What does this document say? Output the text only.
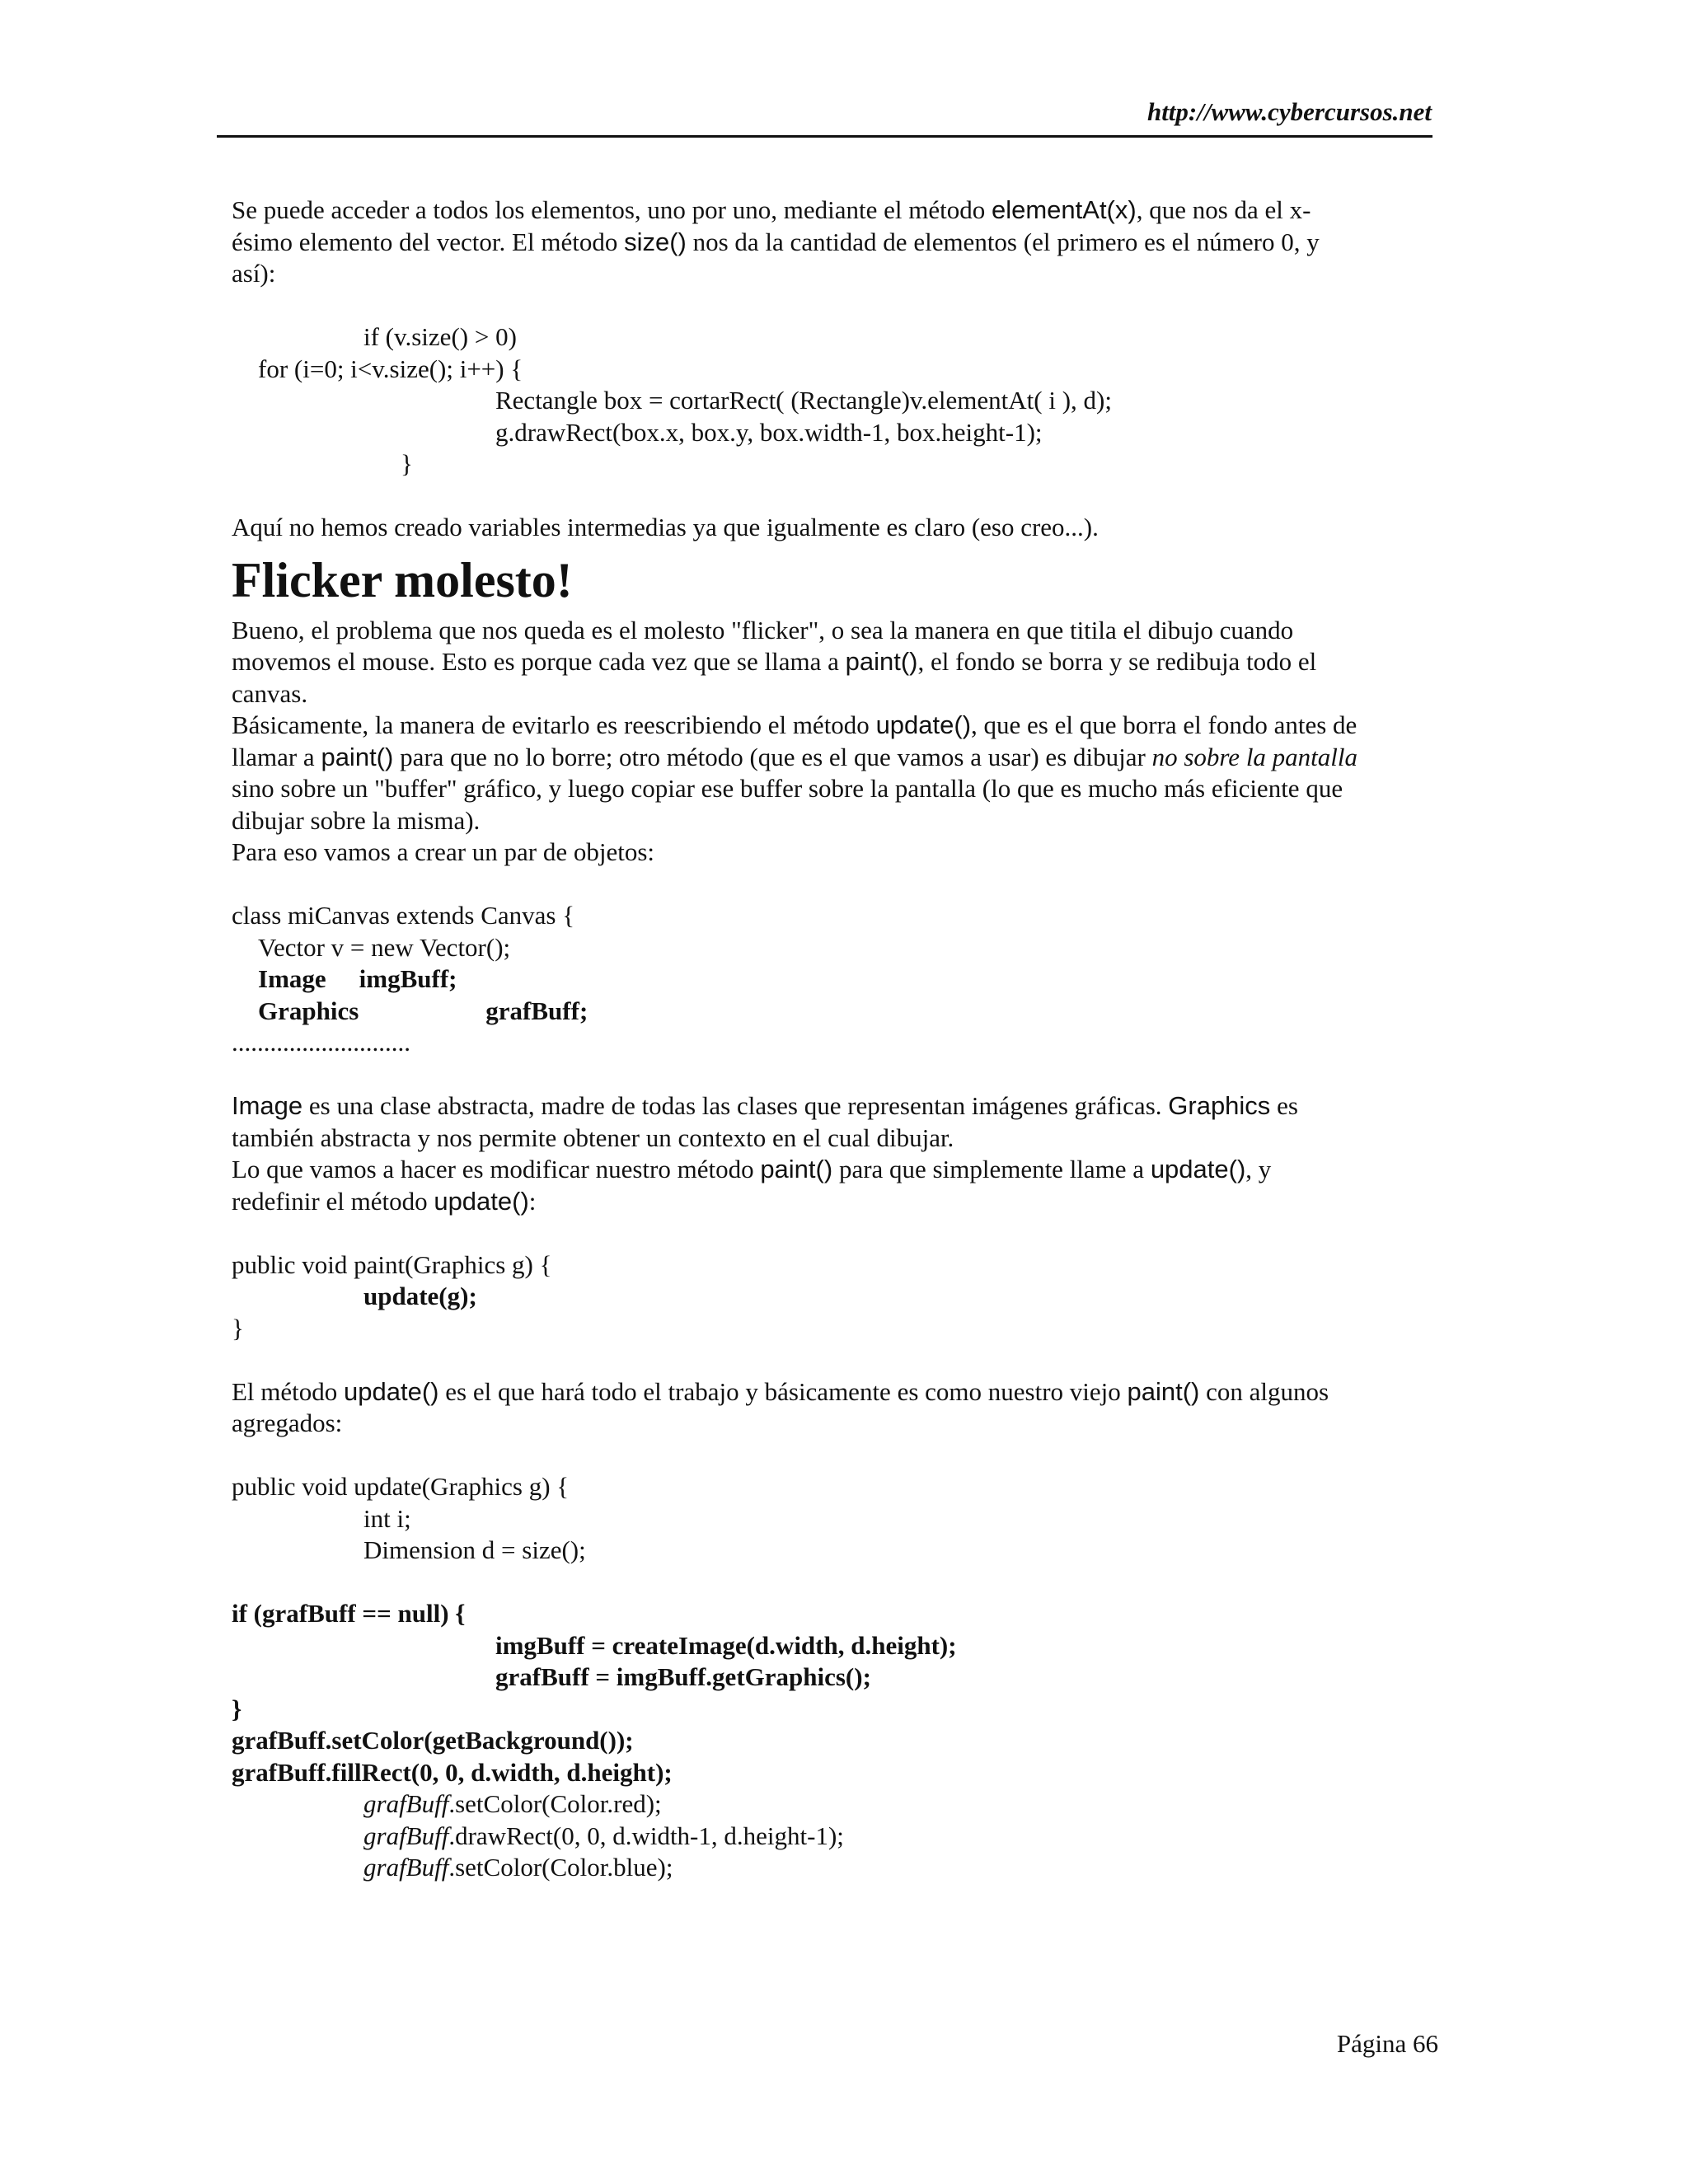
http://www.cybercursos.net

Se puede acceder a todos los elementos, uno por uno, mediante el método elementAt(x), que nos da el x-
ésimo elemento del vector. El método size() nos da la cantidad de elementos (el primero es el número 0, y
así):

if (v.size() > 0)
for (i=0; i<v.size(); i++) {
Rectangle box = cortarRect( (Rectangle)v.elementAt( i ), d);
g.drawRect(box.x, box.y, box.width-1, box.height-1);
}

Aquí no hemos creado variables intermedias ya que igualmente es claro (eso creo...).

Flicker molesto!

Bueno, el problema que nos queda es el molesto "flicker", o sea la manera en que titila el dibujo cuando
movemos el mouse. Esto es porque cada vez que se llama a paint(), el fondo se borra y se redibuja todo el
canvas.
Básicamente, la manera de evitarlo es reescribiendo el método update(), que es el que borra el fondo antes de
llamar a paint() para que no lo borre; otro método (que es el que vamos a usar) es dibujar no sobre la pantalla
sino sobre un "buffer" gráfico, y luego copiar ese buffer sobre la pantalla (lo que es mucho más eficiente que
dibujar sobre la misma).
Para eso vamos a crear un par de objetos:

class miCanvas extends Canvas {
Vector v = new Vector();
Image imgBuff;
Graphics	grafBuff;
............................

Image es una clase abstracta, madre de todas las clases que representan imágenes gráficas. Graphics es
también abstracta y nos permite obtener un contexto en el cual dibujar.
Lo que vamos a hacer es modificar nuestro método paint() para que simplemente llame a update(), y
redefinir el método update():

public void paint(Graphics g) {
update(g);
}

El método update() es el que hará todo el trabajo y básicamente es como nuestro viejo paint() con algunos
agregados:

public void update(Graphics g) {
int i;
Dimension d = size();
if (grafBuff == null) {
imgBuff = createImage(d.width, d.height);
grafBuff = imgBuff.getGraphics();
}
grafBuff.setColor(getBackground());
grafBuff.fillRect(0, 0, d.width, d.height);
grafBuff.setColor(Color.red);
grafBuff.drawRect(0, 0, d.width-1, d.height-1);
grafBuff.setColor(Color.blue);
Página 66
